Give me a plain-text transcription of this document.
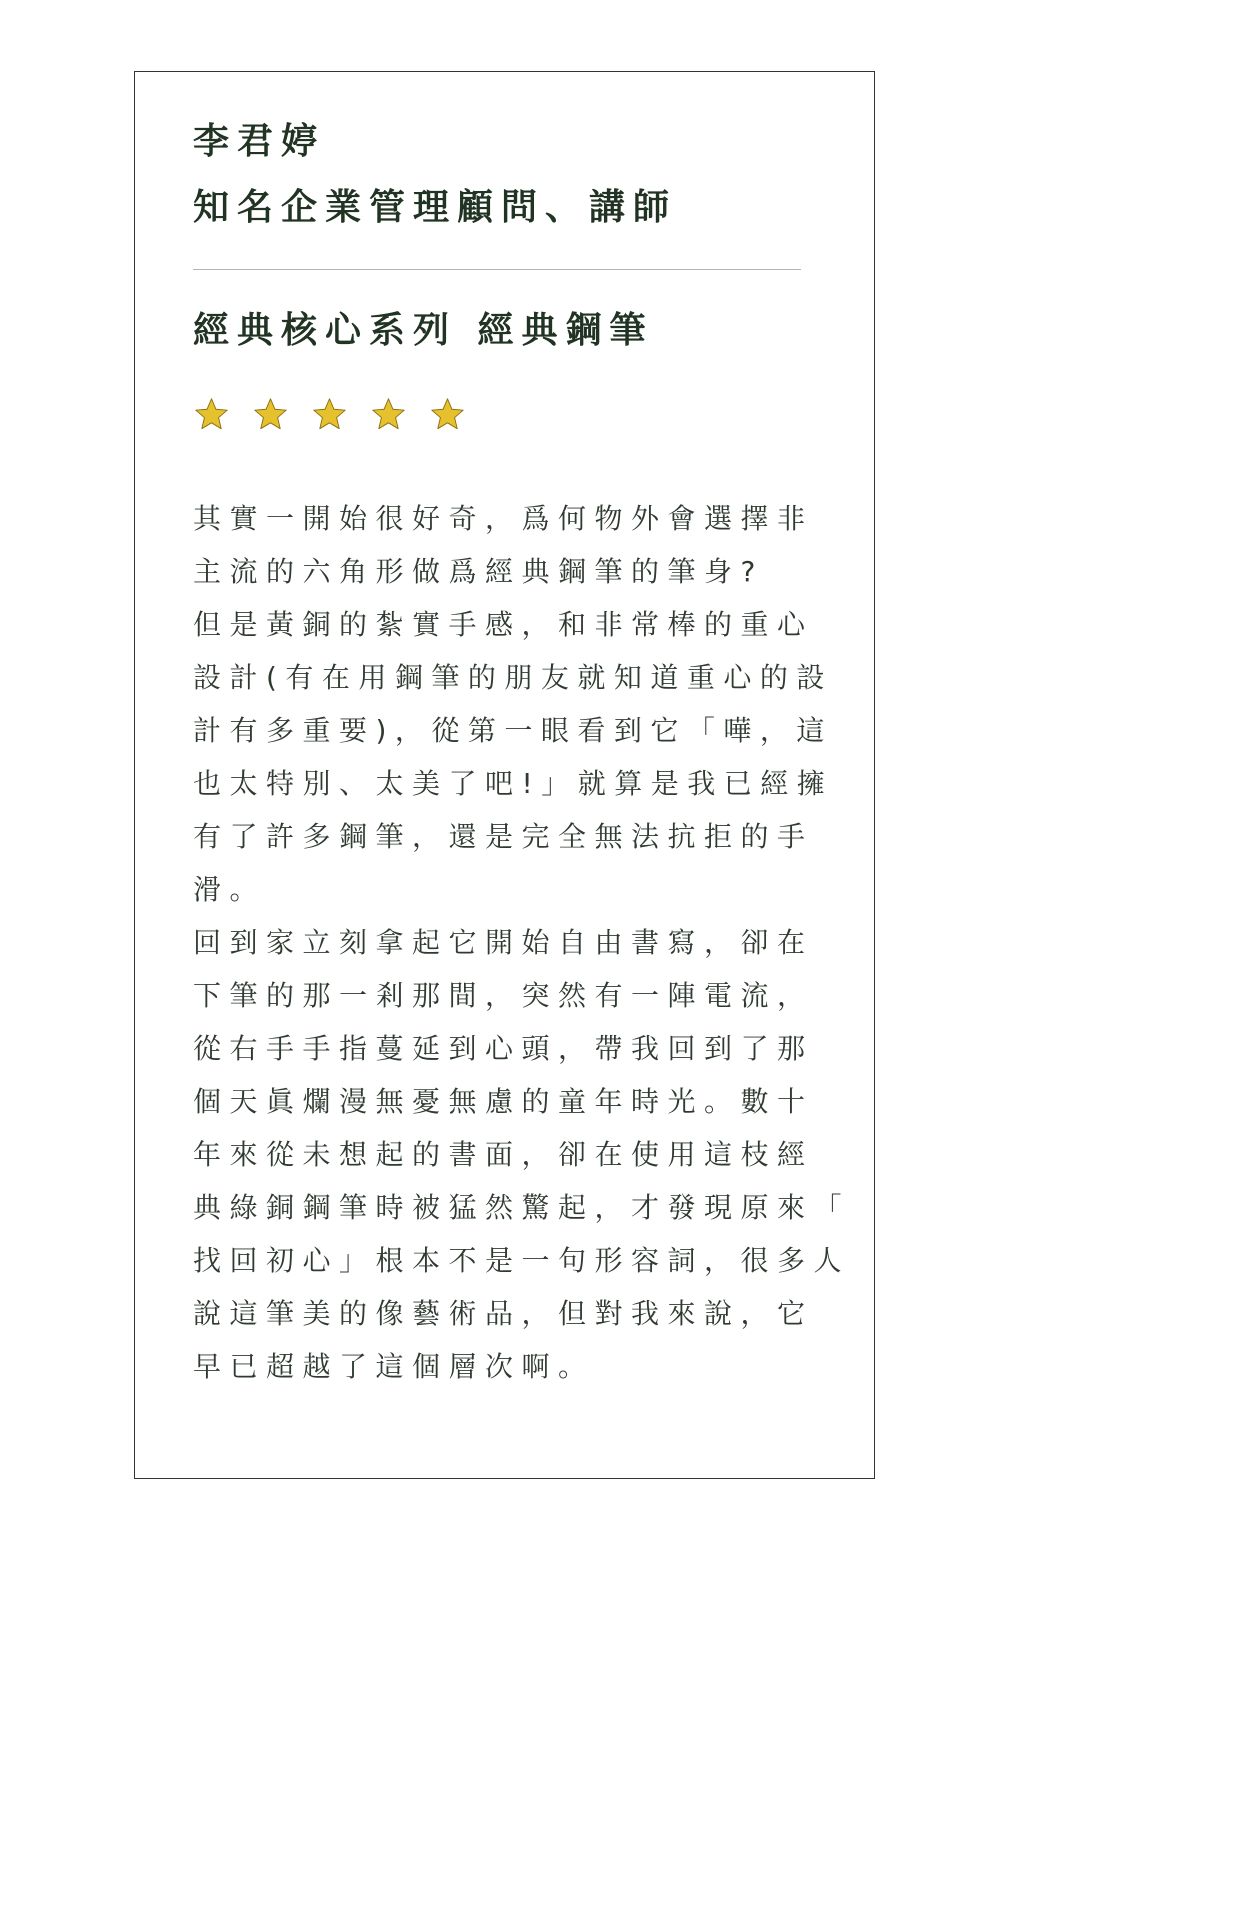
李君婷
知名企業管理顧問、講師
經典核心系列 經典鋼筆
其實一開始很好奇，爲何物外會選擇非
主流的六角形做爲經典鋼筆的筆身?
但是黃銅的紮實手感，和非常棒的重心
設計(有在用鋼筆的朋友就知道重心的設
計有多重要)，從第一眼看到它「嘩，這
也太特別、太美了吧!」就算是我已經擁
有了許多鋼筆，還是完全無法抗拒的手
滑。
回到家立刻拿起它開始自由書寫，卻在
下筆的那一剎那間，突然有一陣電流，
從右手手指蔓延到心頭，帶我回到了那
個天眞爛漫無憂無慮的童年時光。數十
年來從未想起的書面，卻在使用這枝經
典綠銅鋼筆時被猛然驚起，才發現原來「
找回初心」根本不是一句形容詞，很多人
說這筆美的像藝術品，但對我來說，它
早已超越了這個層次啊。
